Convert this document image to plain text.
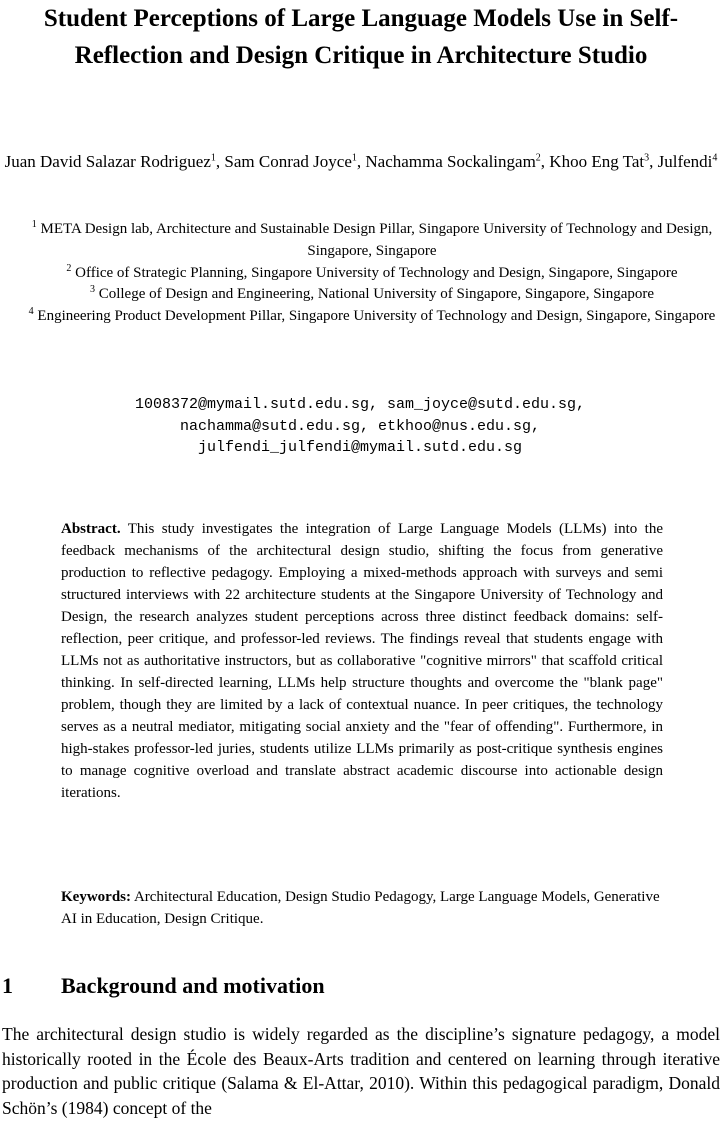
Student Perceptions of Large Language Models Use in Self-Reflection and Design Critique in Architecture Studio
Juan David Salazar Rodriguez$^1$, Sam Conrad Joyce$^1$, Nachamma Sockalingam$^2$, Khoo Eng Tat$^3$, Julfendi$^4$

$^1$ META Design lab, Architecture and Sustainable Design Pillar, Singapore University of Technology and Design, Singapore, Singapore

$^2$ Office of Strategic Planning, Singapore University of Technology and Design, Singapore, Singapore

$^3$ College of Design and Engineering, National University of Singapore, Singapore, Singapore

$^4$ Engineering Product Development Pillar, Singapore University of Technology and Design, Singapore, Singapore

1008372@mymail.sutd.edu.sg, sam_joyce@sutd.edu.sg, nachamma@sutd.edu.sg, etkhoo@nus.edu.sg, julfendi_julfendi@mymail.sutd.edu.sg

Abstract. This study investigates the integration of Large Language Models (LLMs) into the feedback mechanisms of the architectural design studio, shifting the focus from generative production to reflective pedagogy. Employing a mixed-methods approach with surveys and semi structured interviews with 22 architecture students at the Singapore University of Technology and Design, the research analyzes student perceptions across three distinct feedback domains: self-reflection, peer critique, and professor-led reviews. The findings reveal that students engage with LLMs not as authoritative instructors, but as collaborative "cognitive mirrors" that scaffold critical thinking. In self-directed learning, LLMs help structure thoughts and overcome the "blank page" problem, though they are limited by a lack of contextual nuance. In peer critiques, the technology serves as a neutral mediator, mitigating social anxiety and the "fear of offending". Furthermore, in high-stakes professor-led juries, students utilize LLMs primarily as post-critique synthesis engines to manage cognitive overload and translate abstract academic discourse into actionable design iterations.

Keywords: Architectural Education, Design Studio Pedagogy, Large Language Models, Generative AI in Education, Design Critique.

1 Background and motivation

The architectural design studio is widely regarded as the discipline’s signature pedagogy, a model historically rooted in the École des Beaux-Arts tradition and centered on learning through iterative production and public critique (Salama & El-Attar, 2010). Within this pedagogical paradigm, Donald Schön’s (1984) concept of the
